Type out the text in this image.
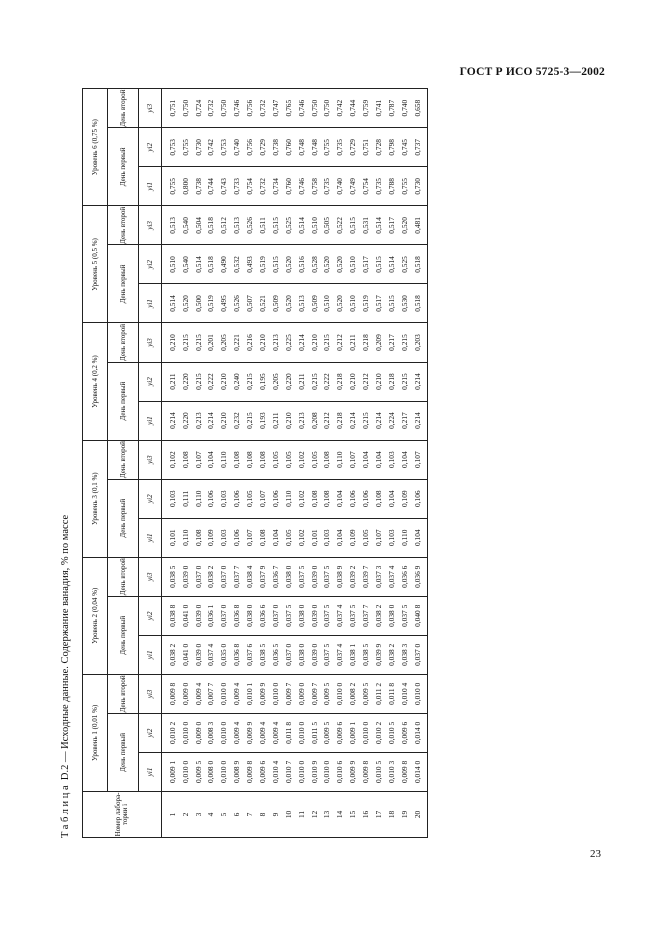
ГОСТ Р ИСО 5725-3—2002
Таблица D.2 — Исходные данные. Содержание ванадия, % по массе
Номер лабора-тории i	Уровень 1 (0,01 %)			Уровень 2 (0,04 %)			Уровень 3 (0,1 %)			Уровень 4 (0,2 %)			Уровень 5 (0,5 %)			Уровень 6 (0,75 %)		
	День первый		День второй	День первый		День второй	День первый		День второй	День первый		День второй	День первый		День второй	День первый		День второй
	yi1	yi2	yi3	yi1	yi2	yi3	yi1	yi2	yi3	yi1	yi2	yi3	yi1	yi2	yi3	yi1	yi2	yi3
1	0,009 1	0,010 2	0,009 8	0,038 2	0,038 8	0,038 5	0,101	0,103	0,102	0,214	0,211	0,210	0,514	0,510	0,513	0,755	0,753	0,751
2	0,010 0	0,010 0	0,009 0	0,041 0	0,041 0	0,039 0	0,110	0,111	0,108	0,220	0,220	0,215	0,520	0,540	0,540	0,800	0,755	0,750
3	0,009 5	0,009 0	0,009 4	0,039 0	0,039 0	0,037 0	0,108	0,110	0,107	0,213	0,215	0,215	0,500	0,514	0,504	0,738	0,730	0,724
4	0,008 0	0,008 3	0,007 7	0,037 4	0,036 1	0,038 2	0,109	0,106	0,104	0,214	0,222	0,201	0,519	0,518	0,518	0,744	0,742	0,732
5	0,010 0	0,010 0	0,010 0	0,035 0	0,037 0	0,037 0	0,103	0,103	0,110	0,210	0,210	0,205	0,495	0,490	0,512	0,743	0,753	0,750
6	0,008 9	0,009 4	0,009 4	0,036 8	0,036 8	0,037 7	0,106	0,106	0,108	0,232	0,240	0,221	0,526	0,532	0,513	0,733	0,740	0,746
7	0,009 8	0,009 9	0,010 1	0,037 6	0,038 0	0,038 4	0,107	0,105	0,108	0,215	0,215	0,216	0,507	0,493	0,526	0,754	0,756	0,756
8	0,009 6	0,009 4	0,009 9	0,038 5	0,036 6	0,037 9	0,108	0,107	0,108	0,193	0,195	0,210	0,521	0,519	0,511	0,732	0,729	0,732
9	0,010 4	0,009 4	0,010 0	0,036 5	0,037 0	0,036 7	0,104	0,106	0,105	0,211	0,205	0,213	0,509	0,515	0,515	0,734	0,738	0,747
10	0,010 7	0,011 8	0,009 7	0,037 0	0,037 5	0,038 0	0,105	0,110	0,105	0,210	0,220	0,225	0,520	0,520	0,525	0,760	0,760	0,765
11	0,010 0	0,010 0	0,009 0	0,038 0	0,038 0	0,037 5	0,102	0,102	0,102	0,213	0,211	0,214	0,513	0,516	0,514	0,746	0,748	0,746
12	0,010 9	0,011 5	0,009 7	0,039 0	0,039 0	0,039 0	0,101	0,108	0,105	0,208	0,215	0,210	0,509	0,528	0,510	0,758	0,748	0,750
13	0,010 0	0,009 5	0,009 5	0,037 5	0,037 5	0,037 5	0,103	0,108	0,108	0,212	0,222	0,215	0,510	0,520	0,505	0,735	0,755	0,750
14	0,010 6	0,009 6	0,010 0	0,037 4	0,037 4	0,038 9	0,104	0,104	0,110	0,218	0,218	0,212	0,520	0,520	0,522	0,740	0,735	0,742
15	0,009 9	0,009 1	0,008 2	0,038 1	0,037 5	0,039 2	0,109	0,106	0,107	0,214	0,210	0,211	0,510	0,510	0,515	0,749	0,729	0,744
16	0,009 8	0,010 0	0,009 5	0,038 5	0,037 7	0,039 7	0,105	0,106	0,104	0,215	0,212	0,218	0,519	0,517	0,531	0,754	0,751	0,759
17	0,010 5	0,010 2	0,011 2	0,039 9	0,038 2	0,037 3	0,107	0,108	0,104	0,214	0,210	0,209	0,517	0,515	0,514	0,735	0,728	0,741
18	0,010 3	0,010 5	0,011 8	0,038 2	0,038 0	0,037 4	0,103	0,104	0,103	0,224	0,218	0,217	0,515	0,514	0,517	0,788	0,798	0,787
19	0,009 8	0,009 6	0,010 4	0,038 3	0,037 5	0,036 6	0,110	0,109	0,104	0,217	0,215	0,215	0,530	0,525	0,520	0,755	0,745	0,740
20	0,014 0	0,014 0	0,010 0	0,037 0	0,040 8	0,036 9	0,104	0,106	0,107	0,214	0,214	0,203	0,518	0,518	0,481	0,730	0,737	0,658
23
